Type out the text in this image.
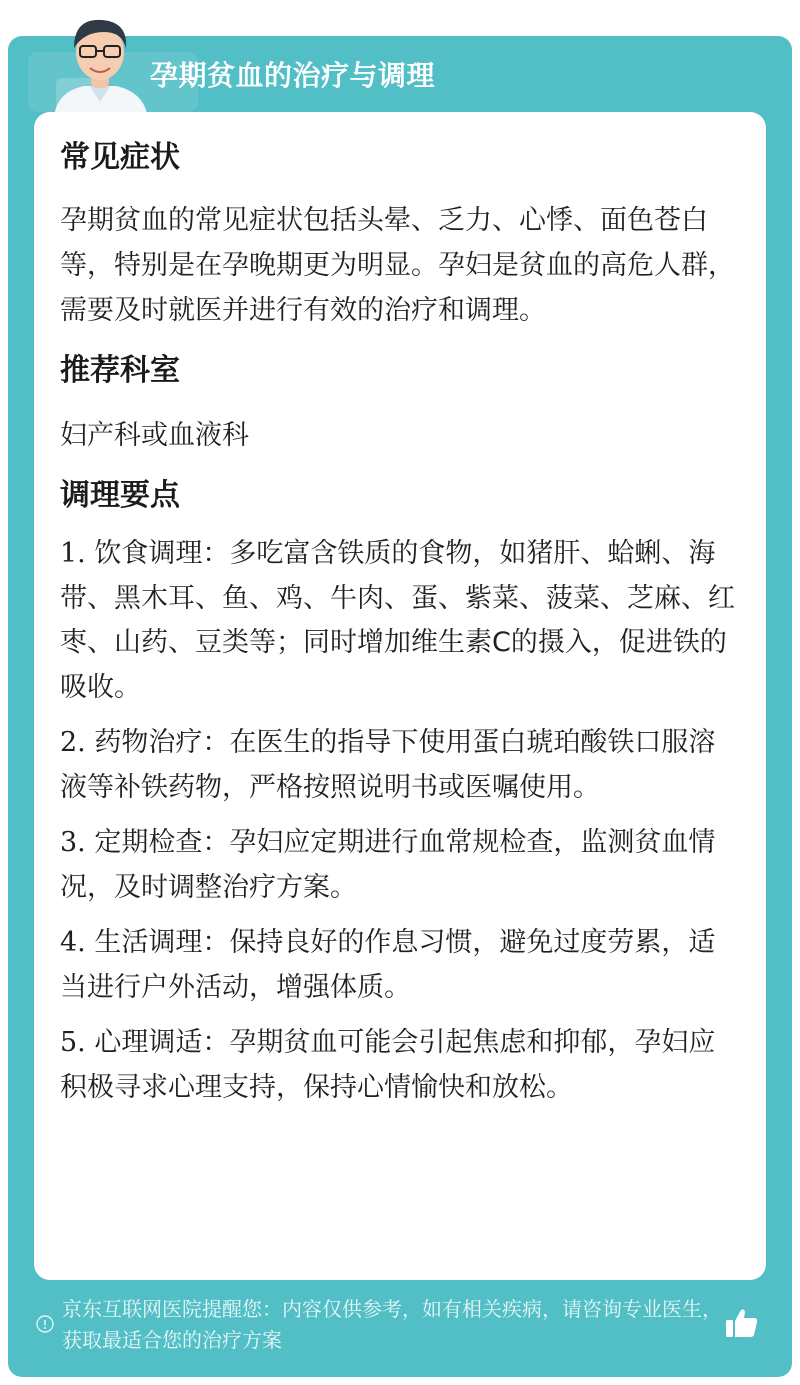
孕期贫血的治疗与调理
常见症状

孕期贫血的常见症状包括头晕、乏力、心悸、面色苍白等，特别是在孕晚期更为明显。孕妇是贫血的高危人群，需要及时就医并进行有效的治疗和调理。

推荐科室

妇产科或血液科

调理要点

1. 饮食调理：多吃富含铁质的食物，如猪肝、蛤蜊、海带、黑木耳、鱼、鸡、牛肉、蛋、紫菜、菠菜、芝麻、红枣、山药、豆类等；同时增加维生素C的摄入，促进铁的吸收。

2. 药物治疗：在医生的指导下使用蛋白琥珀酸铁口服溶液等补铁药物，严格按照说明书或医嘱使用。

3. 定期检查：孕妇应定期进行血常规检查，监测贫血情况，及时调整治疗方案。

4. 生活调理：保持良好的作息习惯，避免过度劳累，适当进行户外活动，增强体质。

5. 心理调适：孕期贫血可能会引起焦虑和抑郁，孕妇应积极寻求心理支持，保持心情愉快和放松。

京东互联网医院提醒您：内容仅供参考，如有相关疾病，请咨询专业医生，获取最适合您的治疗方案
